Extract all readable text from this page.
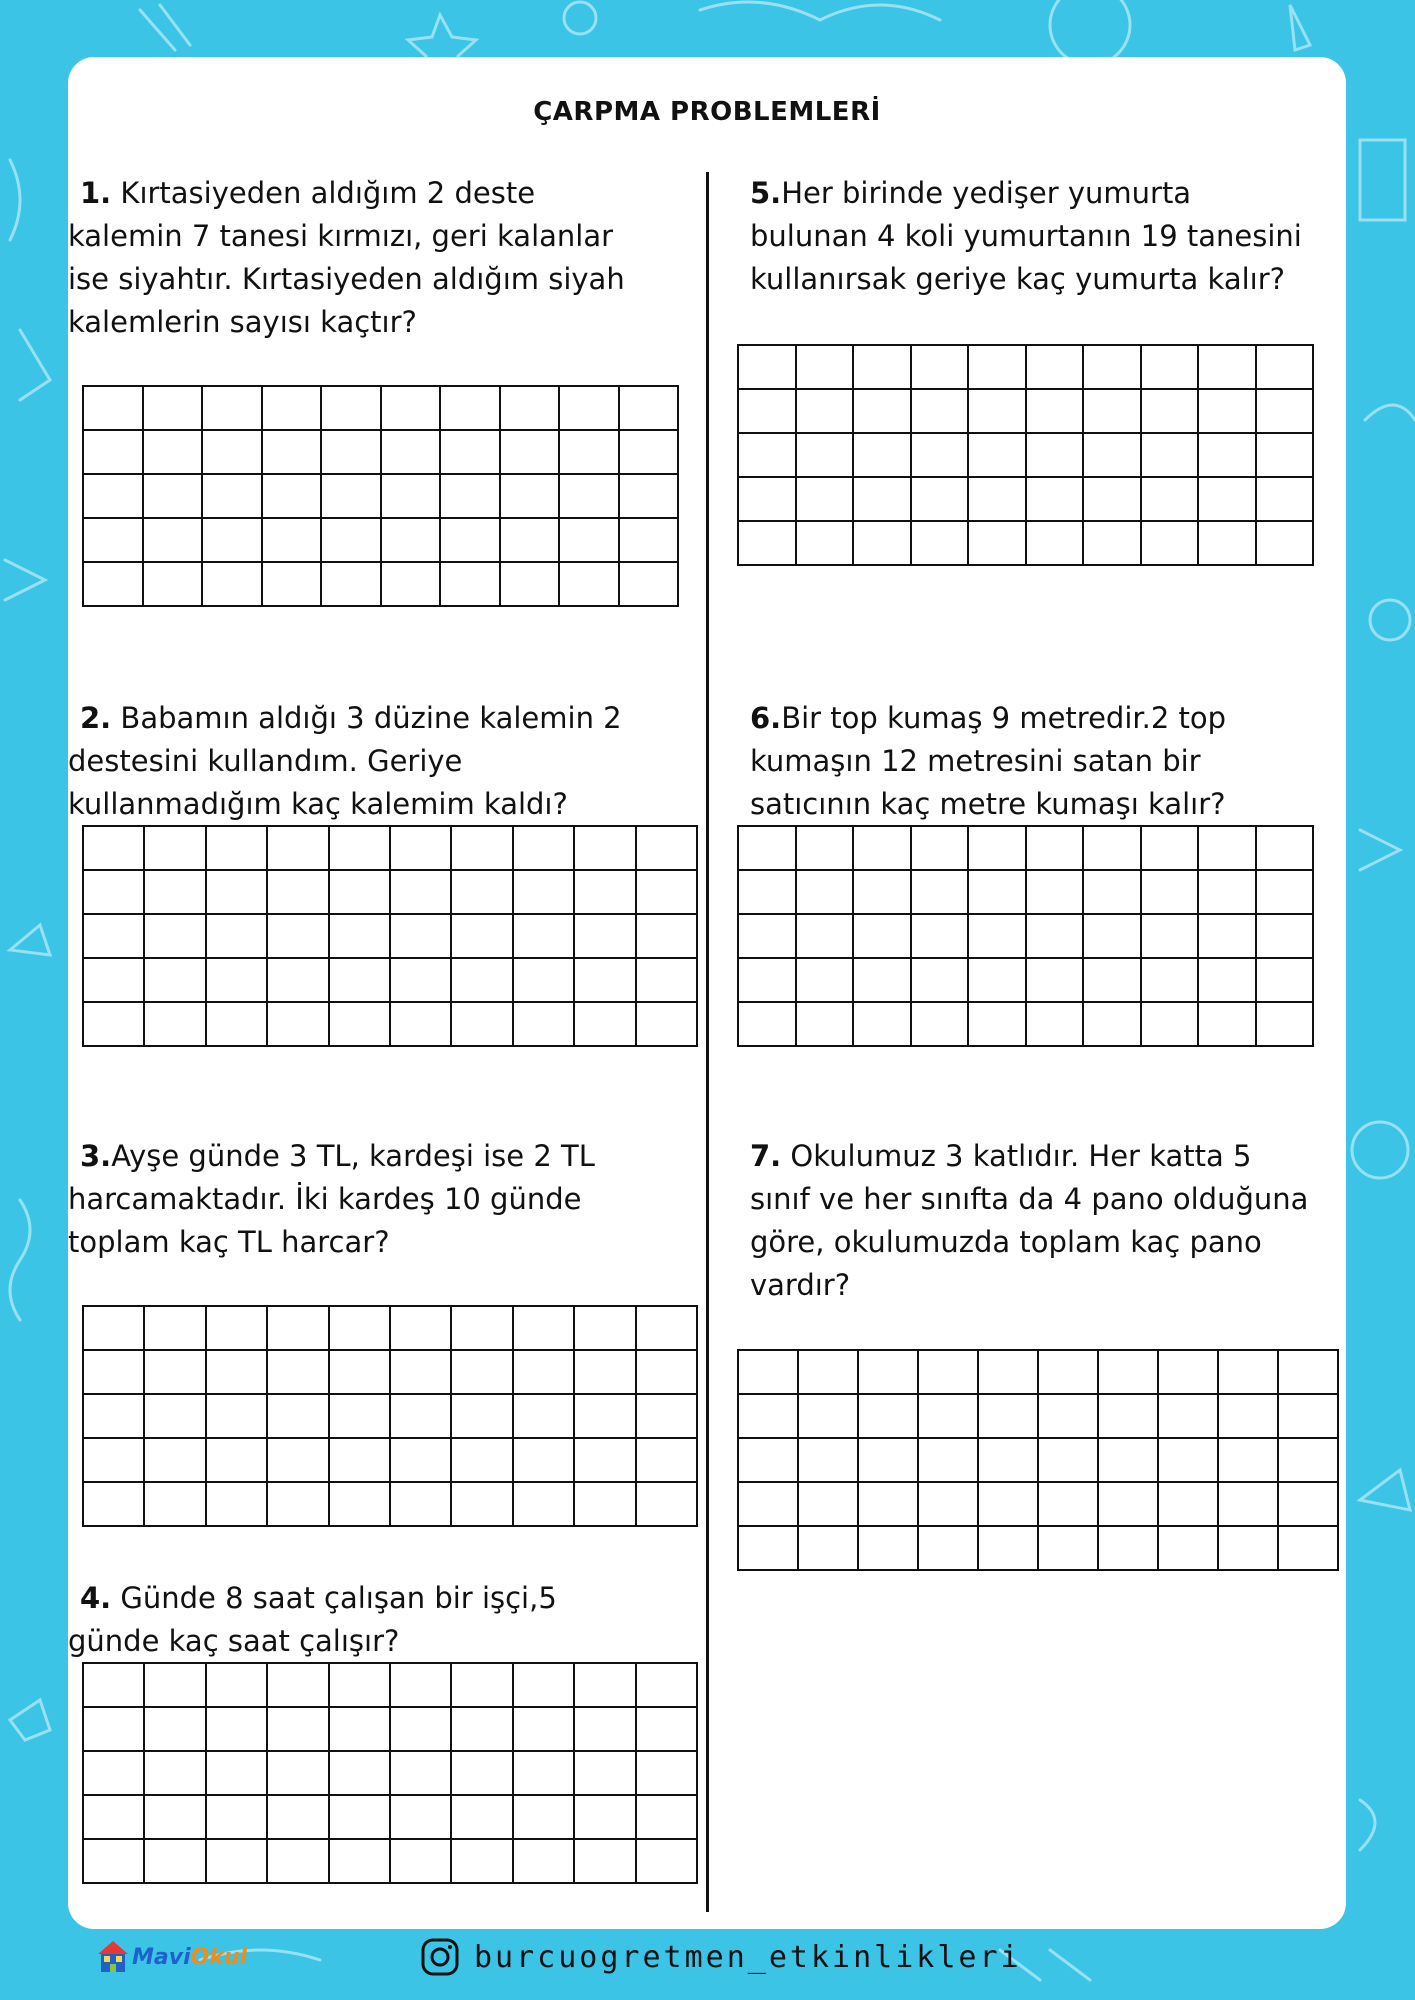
ÇARPMA PROBLEMLERİ

1. Kırtasiyeden aldığım 2 deste kalemin 7 tanesi kırmızı, geri kalanlar ise siyahtır. Kırtasiyeden aldığım siyah kalemlerin sayısı kaçtır?

2. Babamın aldığı 3 düzine kalemin 2 destesini kullandım. Geriye kullanmadığım kaç kalemim kaldı?

3.Ayşe günde 3 TL, kardeşi ise 2 TL harcamaktadır. İki kardeş 10 günde toplam kaç TL harcar?

4. Günde 8 saat çalışan bir işçi,5 günde kaç saat çalışır?

5.Her birinde yedişer yumurta bulunan 4 koli yumurtanın 19 tanesini kullanırsak geriye kaç yumurta kalır?

6.Bir top kumaş 9 metredir.2 top kumaşın 12 metresini satan bir satıcının kaç metre kumaşı kalır?

7. Okulumuz 3 katlıdır. Her katta 5 sınıf ve her sınıfta da 4 pano olduğuna göre, okulumuzda toplam kaç pano vardır?

MaviOkul	burcuogretmen_etkinlikleri
